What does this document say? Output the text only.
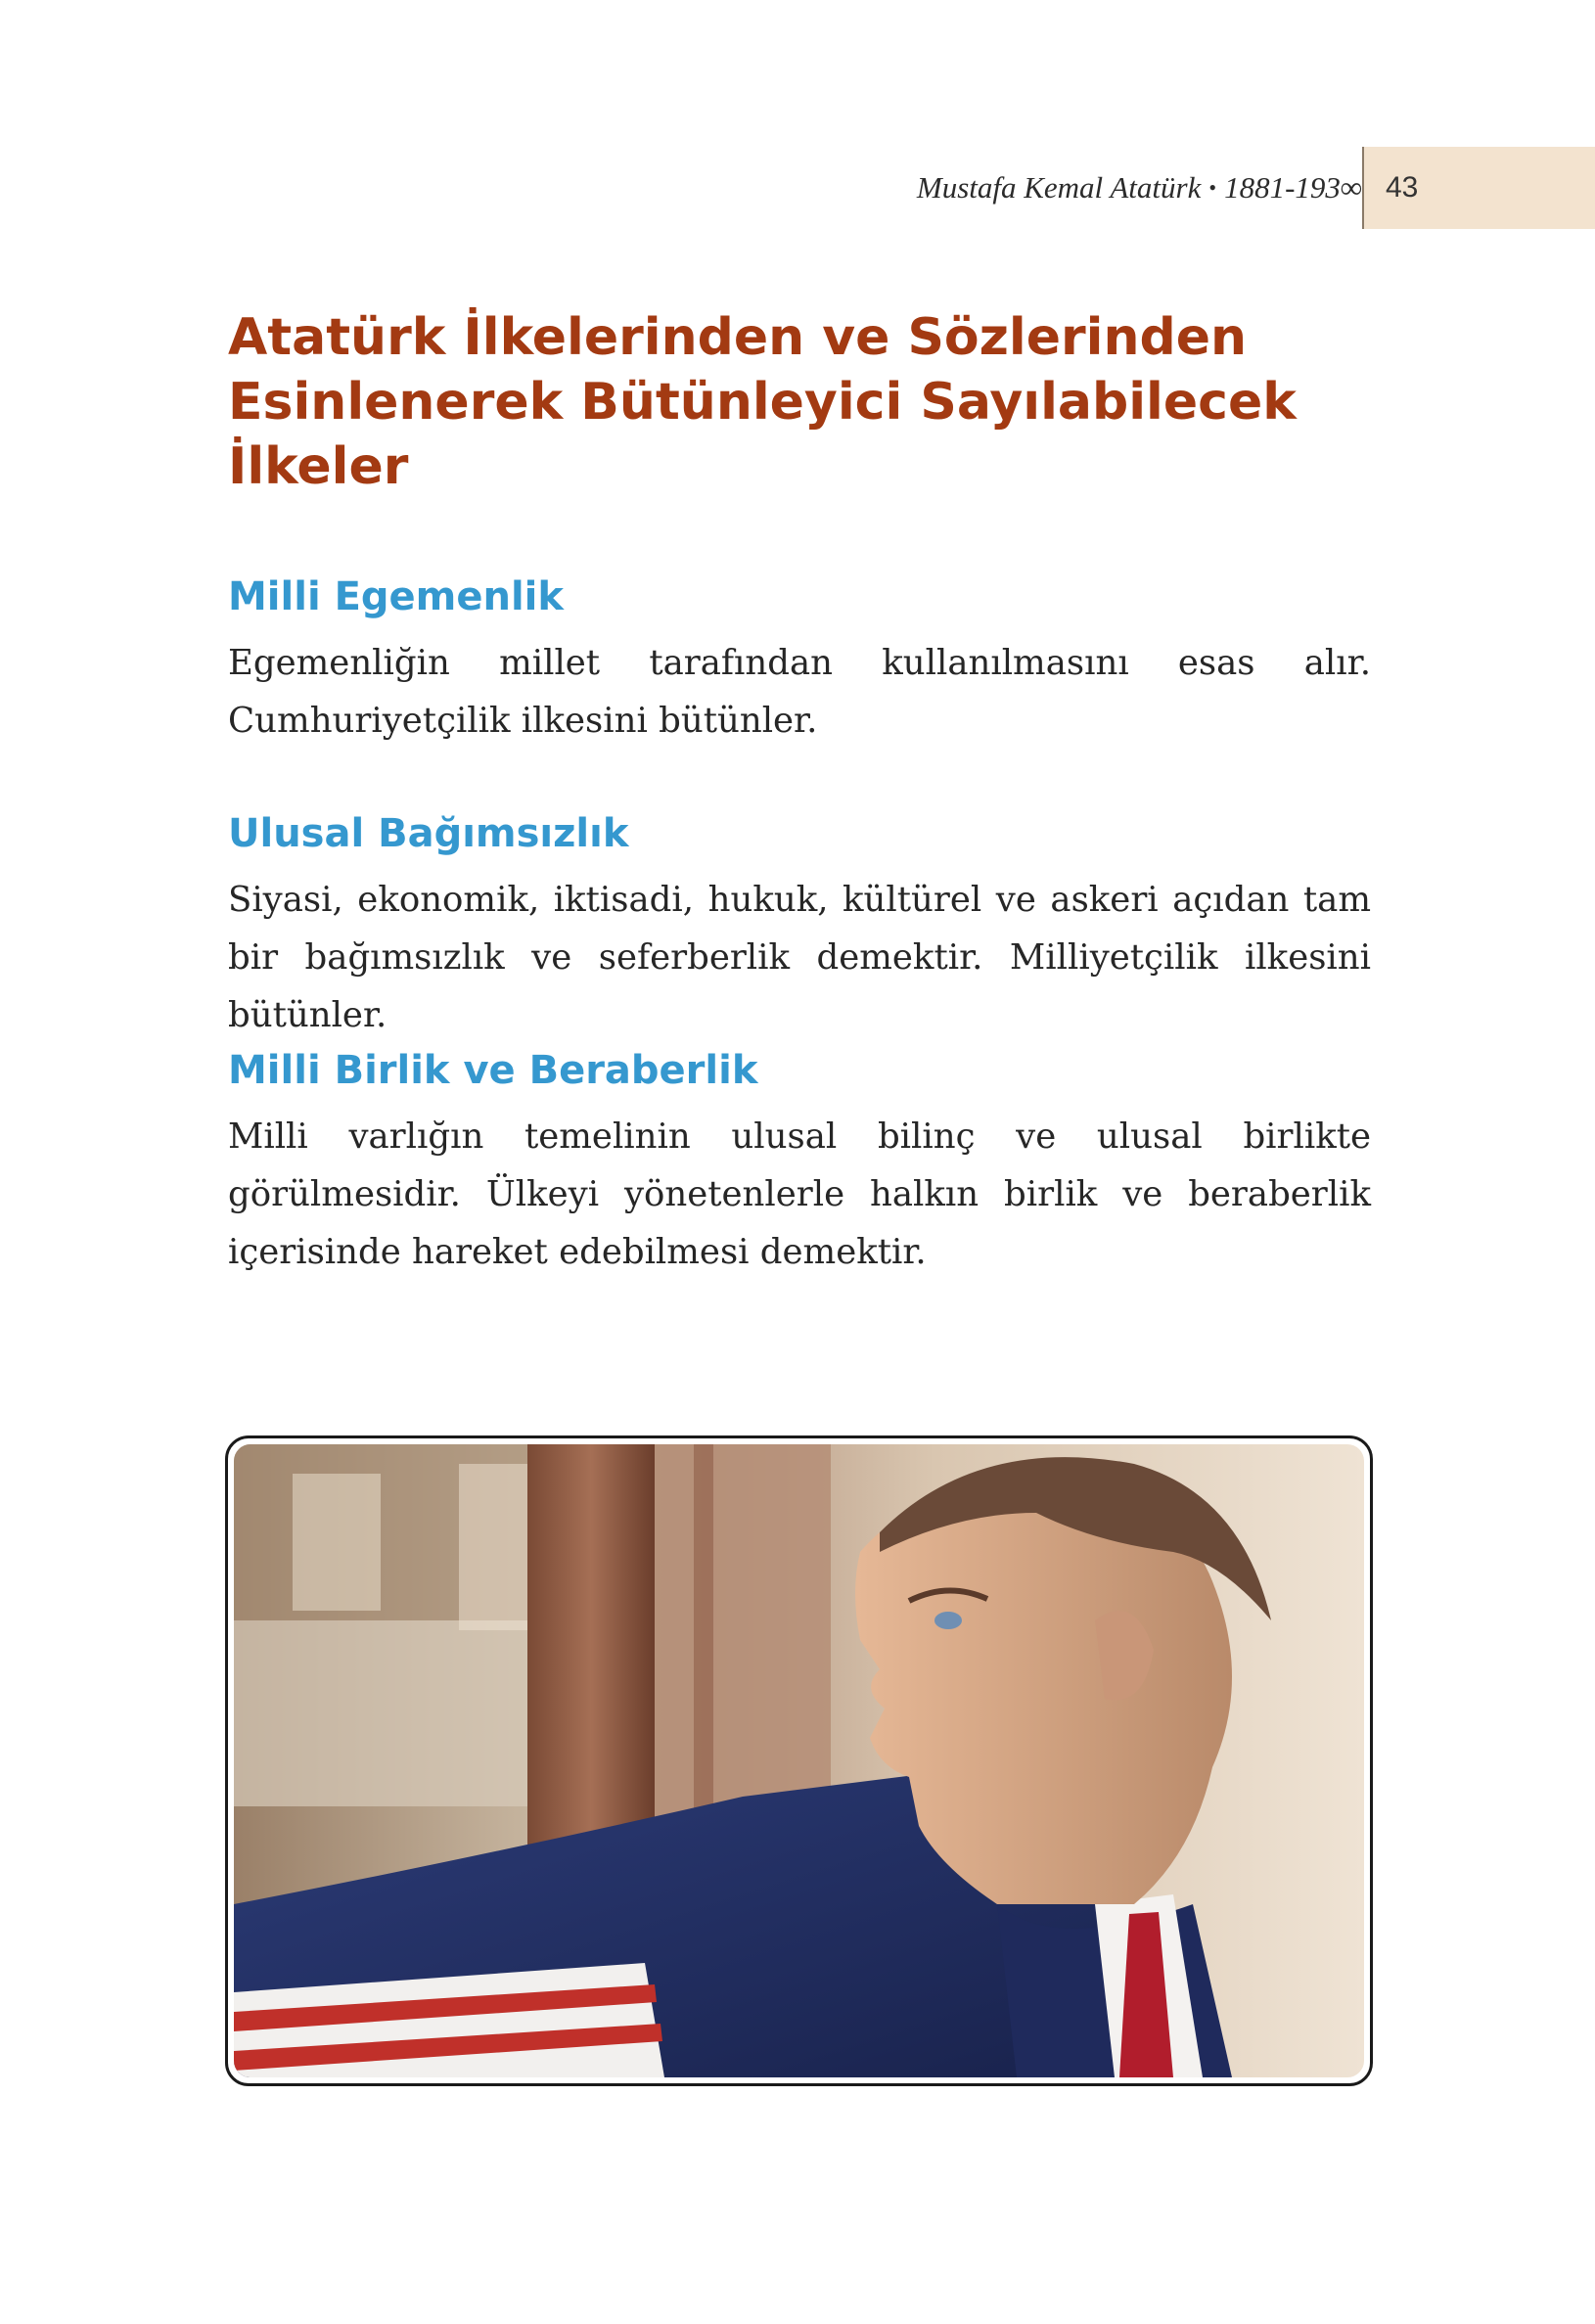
Mustafa Kemal Atatürk • 1881-193∞ 43
Atatürk İlkelerinden ve Sözlerinden
Esinlenerek Bütünleyici Sayılabilecek
İlkeler
Milli Egemenlik

Egemenliğin millet tarafından kullanılmasını esas alır. Cumhuriyetçilik ilkesini bütünler.

Ulusal Bağımsızlık

Siyasi, ekonomik, iktisadi, hukuk, kültürel ve askeri açıdan tam bir bağımsızlık ve seferberlik demektir. Milliyetçilik ilkesini bütünler.

Milli Birlik ve Beraberlik

Milli varlığın temelinin ulusal bilinç ve ulusal birlikte görülmesidir. Ülkeyi yönetenlerle halkın birlik ve beraberlik içerisinde hareket edebilmesi demektir.
